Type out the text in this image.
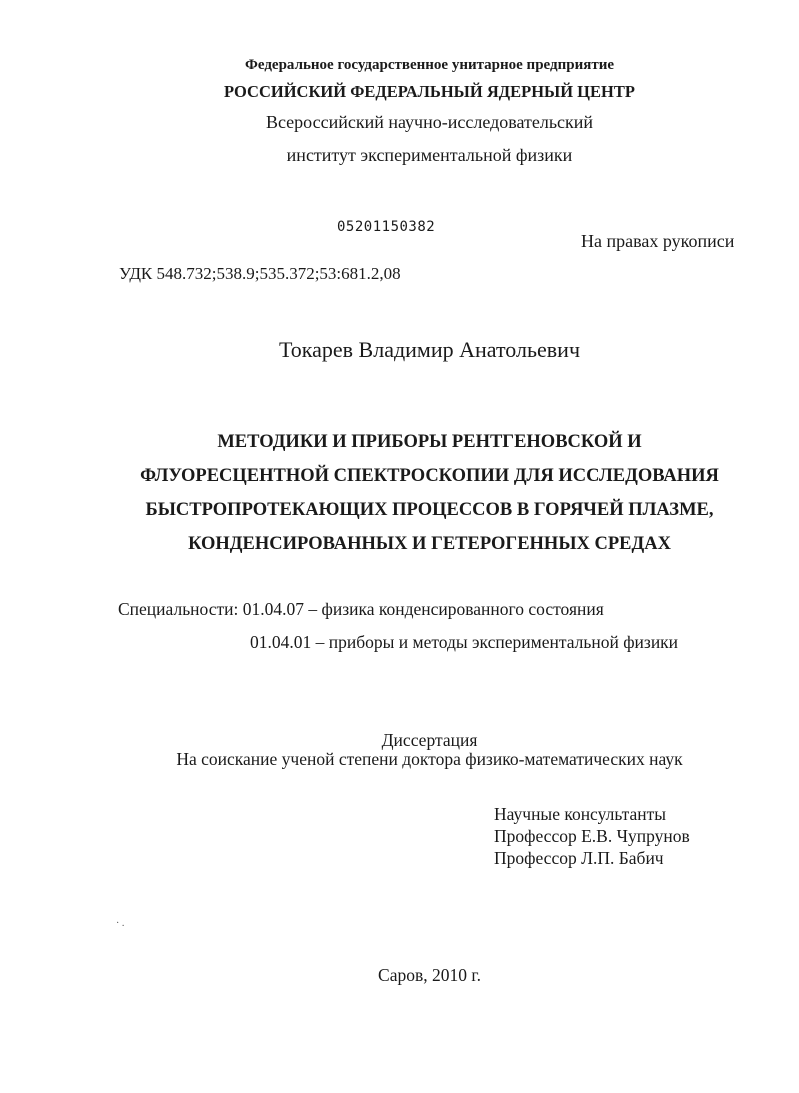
Федеральное государственное унитарное предприятие
РОССИЙСКИЙ ФЕДЕРАЛЬНЫЙ ЯДЕРНЫЙ ЦЕНТР
Всероссийский научно-исследовательский
институт экспериментальной физики
05201150382
На правах рукописи
УДК 548.732;538.9;535.372;53:681.2,08
Токарев Владимир Анатольевич
МЕТОДИКИ И ПРИБОРЫ РЕНТГЕНОВСКОЙ И
ФЛУОРЕСЦЕНТНОЙ СПЕКТРОСКОПИИ ДЛЯ ИССЛЕДОВАНИЯ
БЫСТРОПРОТЕКАЮЩИХ ПРОЦЕССОВ В ГОРЯЧЕЙ ПЛАЗМЕ,
КОНДЕНСИРОВАННЫХ И ГЕТЕРОГЕННЫХ СРЕДАХ
Специальности: 01.04.07 – физика конденсированного состояния
01.04.01 – приборы и методы экспериментальной физики
Диссертация
На соискание ученой степени доктора физико-математических наук
Научные консультанты
Профессор Е.В. Чупрунов
Профессор Л.П. Бабич
· .
Саров, 2010 г.
